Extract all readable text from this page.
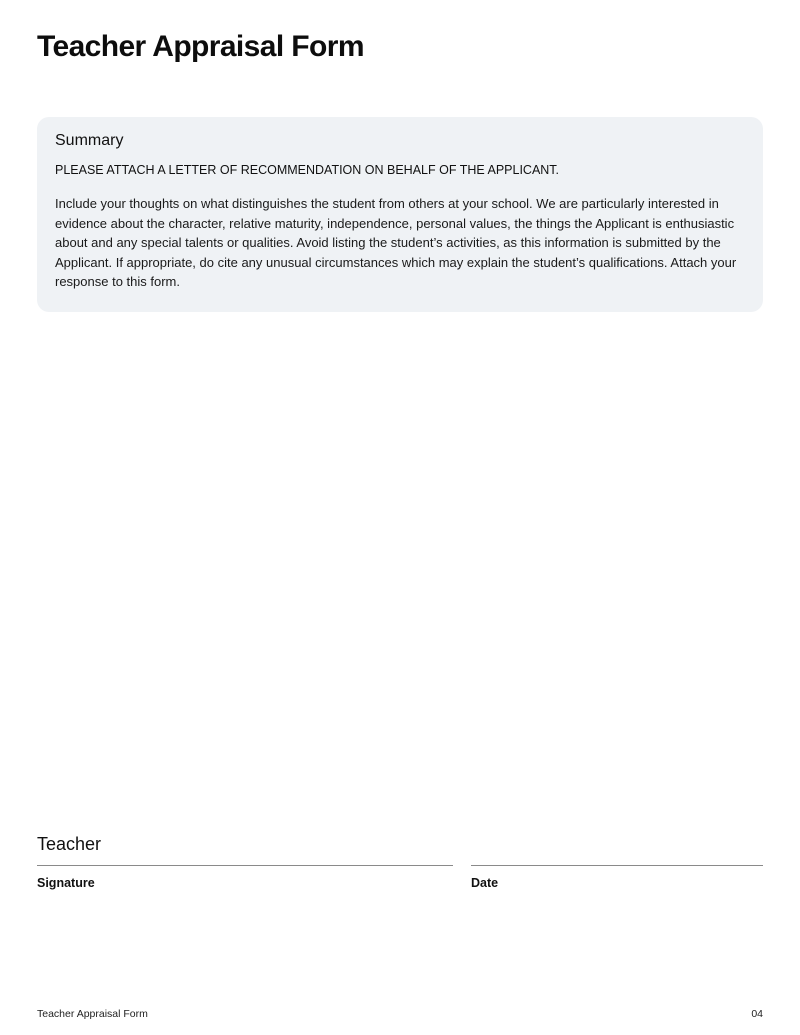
Teacher Appraisal Form
Summary

PLEASE ATTACH A LETTER OF RECOMMENDATION ON BEHALF OF THE APPLICANT.

Include your thoughts on what distinguishes the student from others at your school. We are particularly interested in evidence about the character, relative maturity, independence, personal values, the things the Applicant is enthusiastic about and any special talents or qualities. Avoid listing the student’s activities, as this information is submitted by the Applicant. If appropriate, do cite any unusual circumstances which may explain the student’s qualifications. Attach your response to this form.

Teacher
Signature	Date
Teacher Appraisal Form	04
